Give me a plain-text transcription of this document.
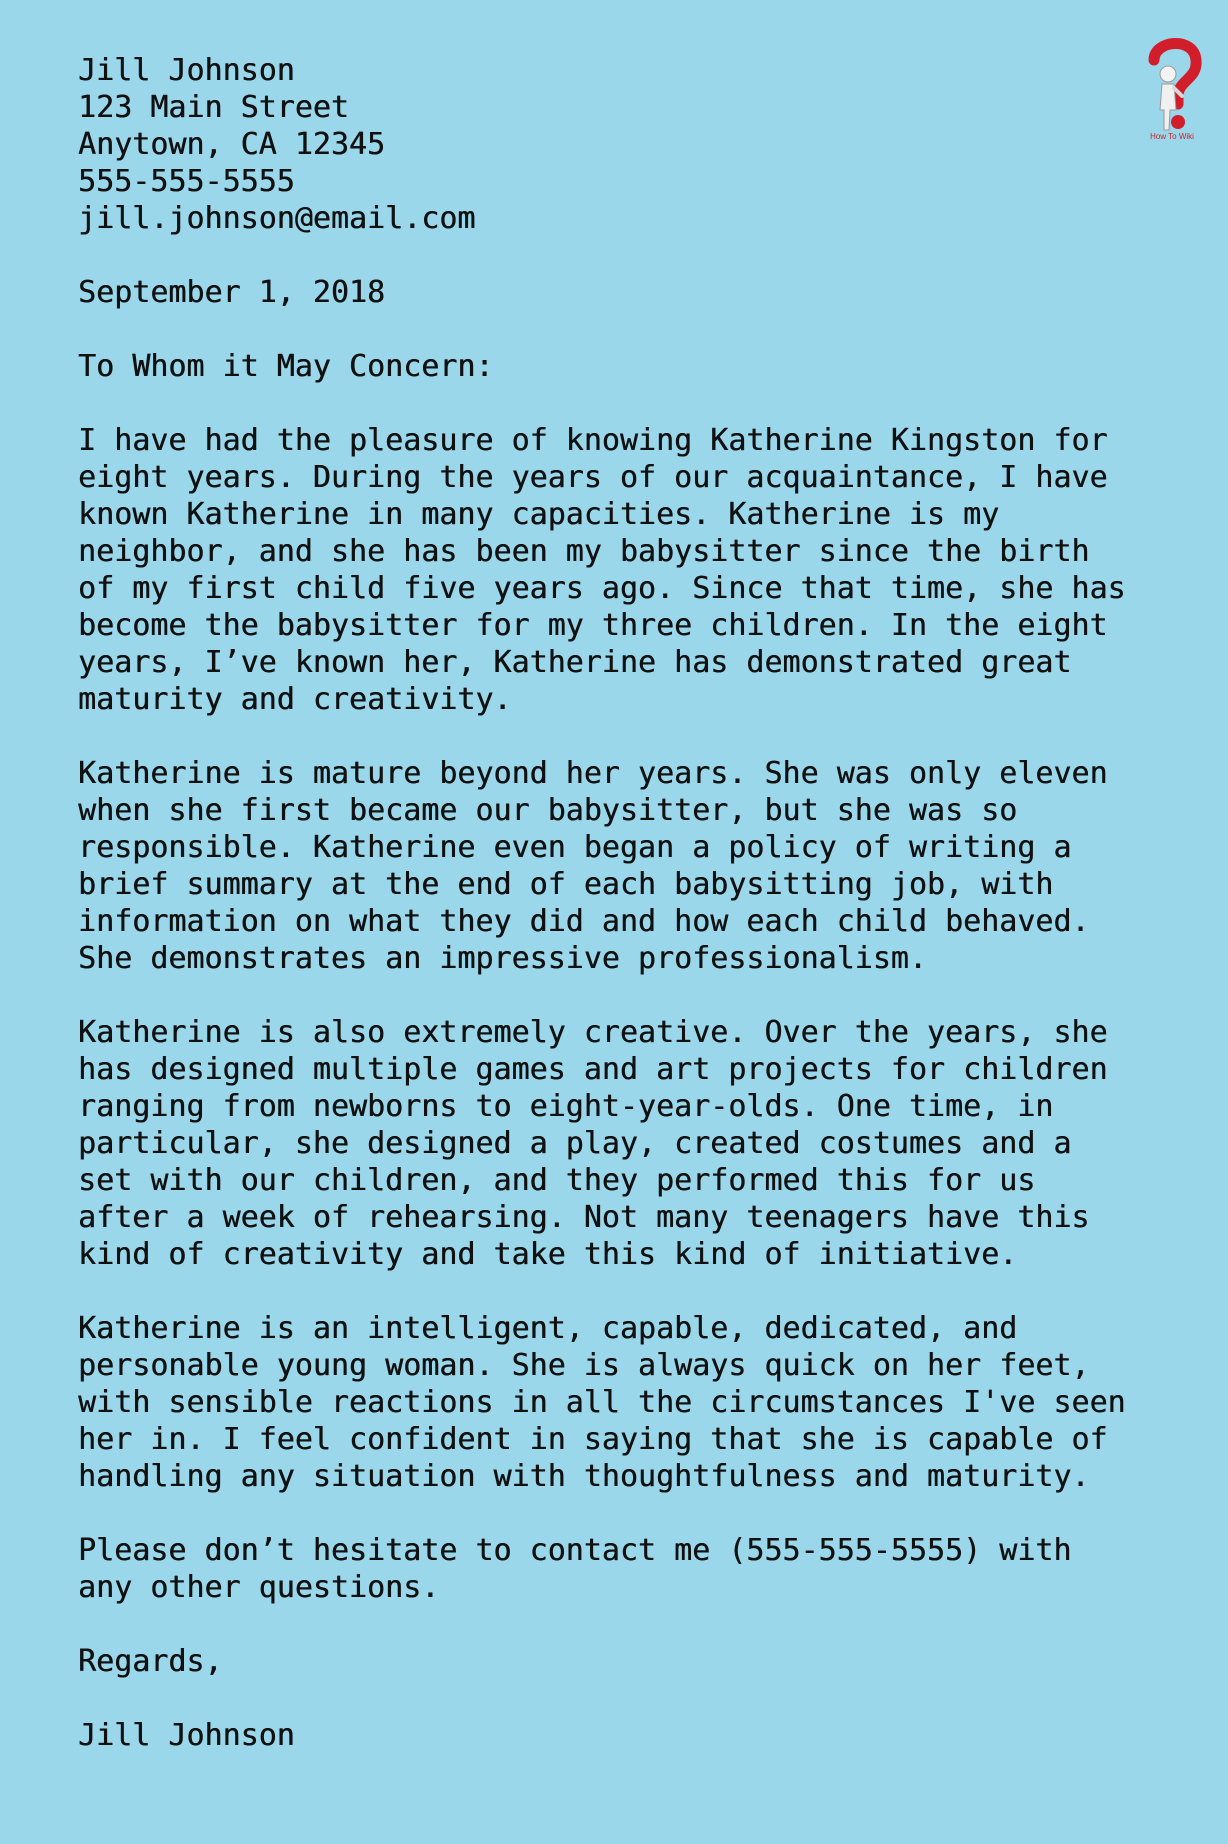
How To Wiki

Jill Johnson
123 Main Street
Anytown, CA 12345
555-555-5555
jill.johnson@email.com

September 1, 2018

To Whom it May Concern:

I have had the pleasure of knowing Katherine Kingston for
eight years. During the years of our acquaintance, I have
known Katherine in many capacities. Katherine is my
neighbor, and she has been my babysitter since the birth
of my first child five years ago. Since that time, she has
become the babysitter for my three children. In the eight
years, I’ve known her, Katherine has demonstrated great
maturity and creativity.

Katherine is mature beyond her years. She was only eleven
when she first became our babysitter, but she was so
responsible. Katherine even began a policy of writing a
brief summary at the end of each babysitting job, with
information on what they did and how each child behaved.
She demonstrates an impressive professionalism.

Katherine is also extremely creative. Over the years, she
has designed multiple games and art projects for children
ranging from newborns to eight-year-olds. One time, in
particular, she designed a play, created costumes and a
set with our children, and they performed this for us
after a week of rehearsing. Not many teenagers have this
kind of creativity and take this kind of initiative.

Katherine is an intelligent, capable, dedicated, and
personable young woman. She is always quick on her feet,
with sensible reactions in all the circumstances I've seen
her in. I feel confident in saying that she is capable of
handling any situation with thoughtfulness and maturity.

Please don’t hesitate to contact me (555-555-5555) with
any other questions.

Regards,

Jill Johnson
